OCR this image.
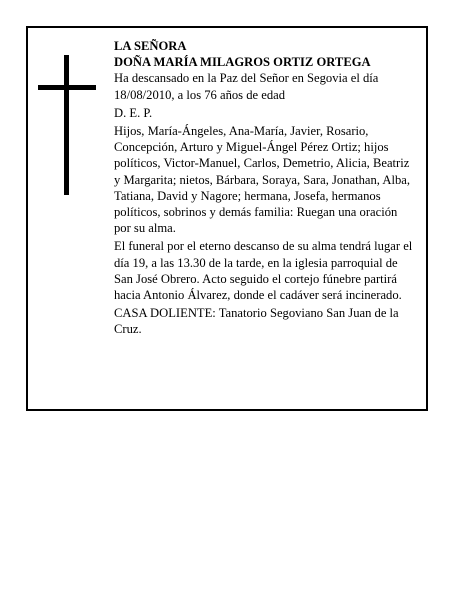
LA SEÑORA

DOÑA MARÍA MILAGROS ORTIZ ORTEGA

Ha descansado en la Paz del Señor en Segovia el día 18/08/2010, a los 76 años de edad

D. E. P.

Hijos, María-Ángeles, Ana-María, Javier, Rosario, Concepción, Arturo y Miguel-Ángel Pérez Ortiz; hijos políticos, Victor-Manuel, Carlos, Demetrio, Alicia, Beatriz y Margarita; nietos, Bárbara, Soraya, Sara, Jonathan, Alba, Tatiana, David y Nagore; hermana, Josefa, hermanos políticos, sobrinos y demás familia: Ruegan una oración por su alma.

El funeral por el eterno descanso de su alma tendrá lugar el día 19, a las 13.30 de la tarde, en la iglesia parroquial de San José Obrero. Acto seguido el cortejo fúnebre partirá hacia Antonio Álvarez, donde el cadáver será incinerado.

CASA DOLIENTE: Tanatorio Segoviano San Juan de la Cruz.
